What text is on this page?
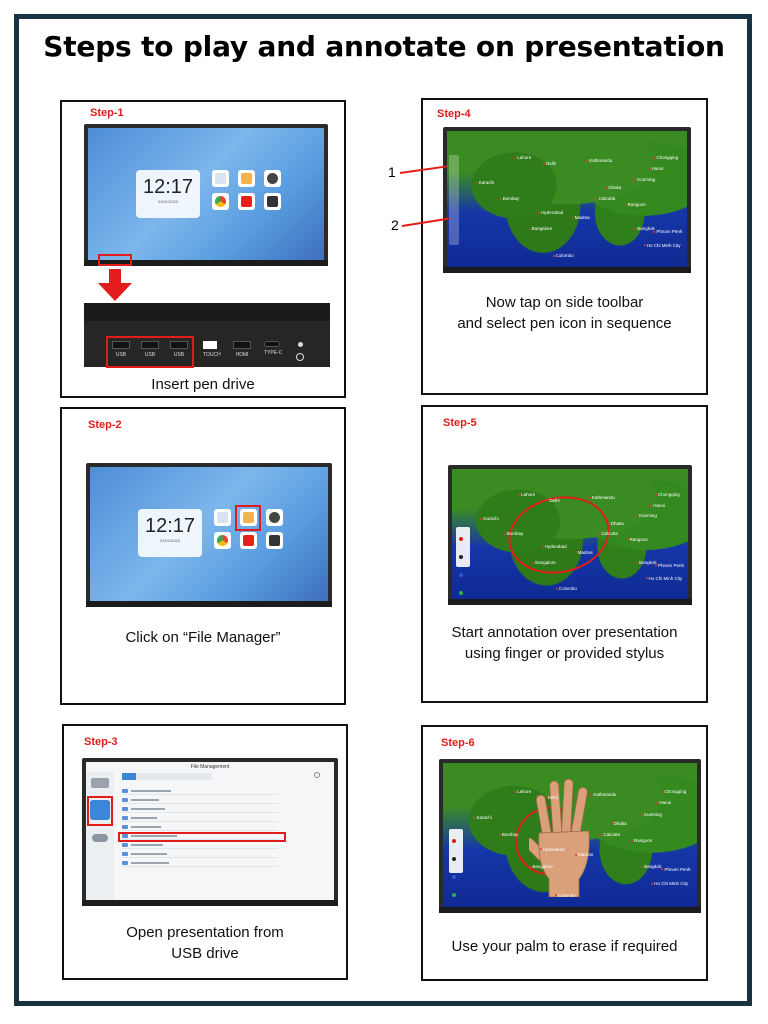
Steps to play and annotate on presentation
Step-1
12:17
01/01/2023
USB	USB	USB	TOUCH	HDMI	TYPE-C
Insert pen drive
Step-2
12:17
01/01/2023
Click on “File Manager”
Step-3
File Management
Open presentation from
USB drive
Step-4
Lahore
Delhi
Kathmandu
Bombay
Hyderabad
Madras
Bangalore
Dhaka
Calcutta
Rangoon
Bangkok
Hanoi
Ho Chi Minh City
Phnom Penh
Chongqing
Kunming
Karachi
Colombo
Now tap on side toolbar
and select pen icon in sequence
1
2
Step-5

Lahore
Delhi
Kathmandu
Bombay
Hyderabad
Madras
Bangalore
Dhaka
Calcutta
Rangoon
Bangkok
Hanoi
Ho Chi Minh City
Phnom Penh
Chongqing
Kunming
Karachi
Colombo
Start annotation over presentation
using finger or provided stylus
Step-6

Lahore
Delhi
Kathmandu
Bombay
Hyderabad
Madras
Bangalore
Dhaka
Calcutta
Rangoon
Bangkok
Hanoi
Ho Chi Minh City
Phnom Penh
Chongqing
Kunming
Karachi
Colombo
Use your palm to erase if required
